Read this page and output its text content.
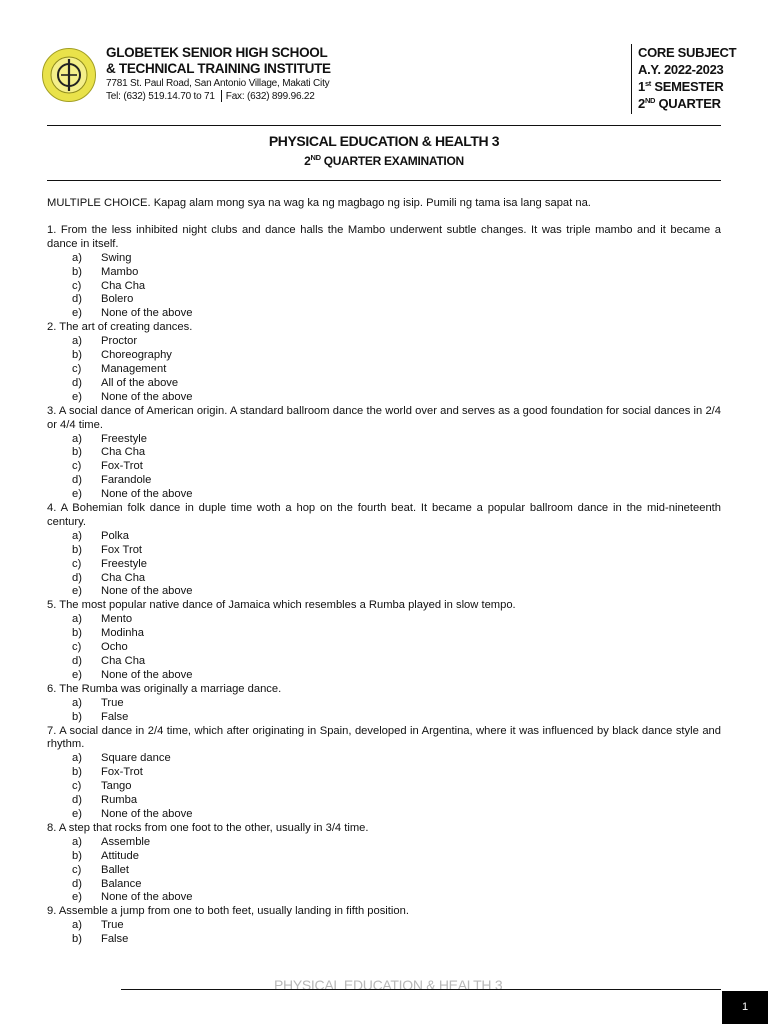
GLOBETEK SENIOR HIGH SCHOOL
& TECHNICAL TRAINING INSTITUTE
7781 St. Paul Road, San Antonio Village, Makati City
Tel: (632) 519.14.70 to 71 Fax: (632) 899.96.22
CORE SUBJECT
A.Y. 2022-2023
1st SEMESTER
2ND QUARTER
PHYSICAL EDUCATION & HEALTH 3
2ND QUARTER EXAMINATION
MULTIPLE CHOICE. Kapag alam mong sya na wag ka ng magbago ng isip. Pumili ng tama isa lang sapat na.
1. From the less inhibited night clubs and dance halls the Mambo underwent subtle changes. It was triple mambo and it became a dance in itself.
a)	Swing
b)	Mambo
c)	Cha Cha
d)	Bolero
e)	None of the above
2. The art of creating dances.
a)	Proctor
b)	Choreography
c)	Management
d)	All of the above
e)	None of the above
3. A social dance of American origin. A standard ballroom dance the world over and serves as a good foundation for social dances in 2/4 or 4/4 time.
a)	Freestyle
b)	Cha Cha
c)	Fox-Trot
d)	Farandole
e)	None of the above
4. A Bohemian folk dance in duple time woth a hop on the fourth beat. It became a popular ballroom dance in the mid-nineteenth century.
a)	Polka
b)	Fox Trot
c)	Freestyle
d)	Cha Cha
e)	None of the above
5. The most popular native dance of Jamaica which resembles a Rumba played in slow tempo.
a)	Mento
b)	Modinha
c)	Ocho
d)	Cha Cha
e)	None of the above
6. The Rumba was originally a marriage dance.
a)	True
b)	False
7. A social dance in 2/4 time, which after originating in Spain, developed in Argentina, where it was influenced by black dance style and rhythm.
a)	Square dance
b)	Fox-Trot
c)	Tango
d)	Rumba
e)	None of the above
8. A step that rocks from one foot to the other, usually in 3/4 time.
a)	Assemble
b)	Attitude
c)	Ballet
d)	Balance
e)	None of the above
9. Assemble a jump from one to both feet, usually landing in fifth position.
a)	True
b)	False
PHYSICAL EDUCATION & HEALTH 3
1
